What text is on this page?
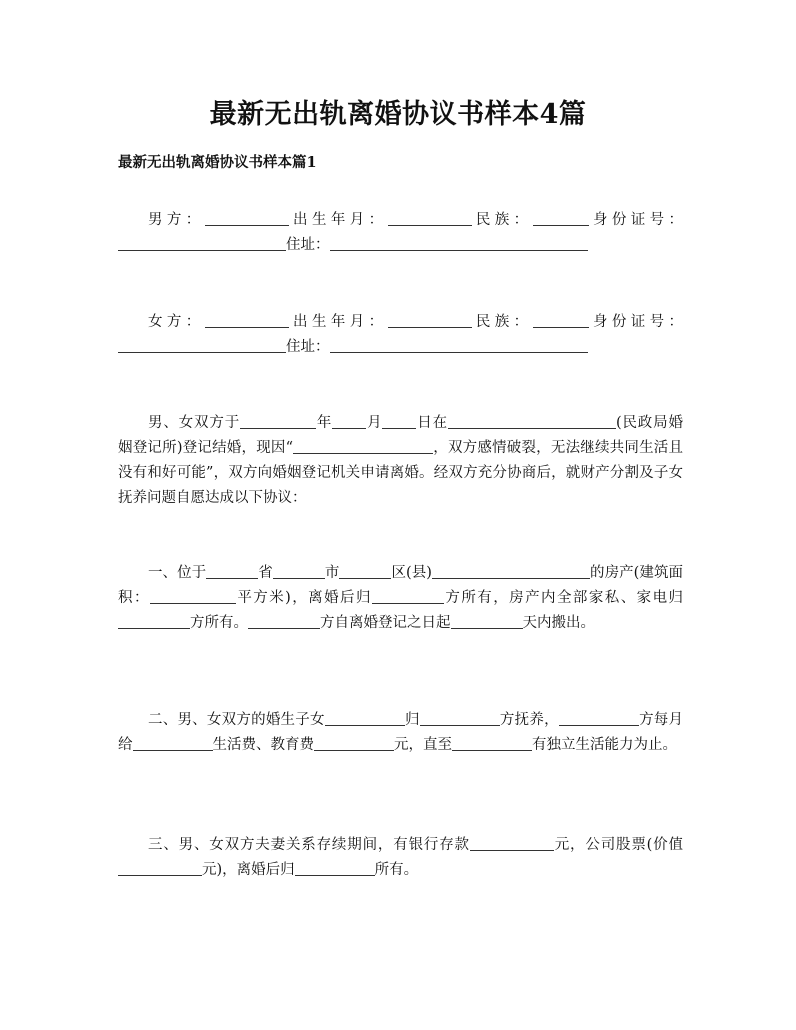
最新无出轨离婚协议书样本4篇
最新无出轨离婚协议书样本篇1
男方：	出生年月：	民族：	身份证号：住址：
女方：	出生年月：	民族：	身份证号：住址：
男、女双方于	年 月 日在	(民政局婚姻登记所)登记结婚，现因“	，双方感情破裂，无法继续共同生活且没有和好可能”，双方向婚姻登记机关申请离婚。经双方充分协商后，就财产分割及子女抚养问题自愿达成以下协议：
一、位于	省	市	区(县)	的房产(建筑面积：	平方米)，离婚后归	方所有，房产内全部家私、家电归方所有。	方自离婚登记之日起	天内搬出。
二、男、女双方的婚生子女	归	方抚养，	方每月给	生活费、教育费	元，直至	有独立生活能力为止。
三、男、女双方夫妻关系存续期间，有银行存款	元，公司股票(价值元)，离婚后归	所有。
